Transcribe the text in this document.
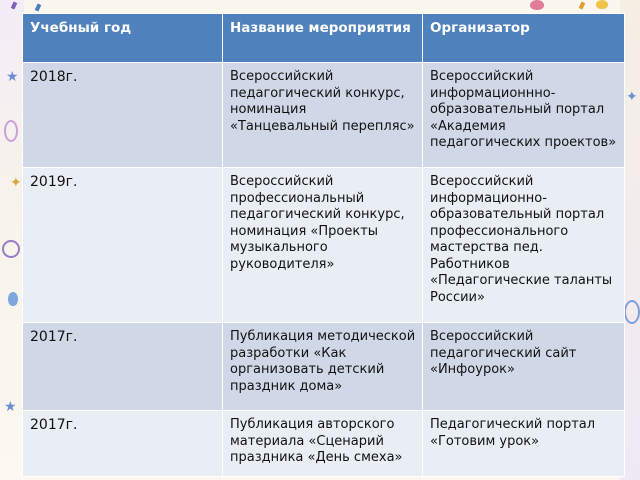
★
✦
★
✦
Учебный год	Название мероприятия	Организатор
2018г.	Всероссийский педагогический конкурс, номинация «Танцевальный перепляс»	Всероссийский информационнно-образовательный портал «Академия педагогических проектов»
2019г.	Всероссийский профессиональный педагогический конкурс, номинация «Проекты музыкального руководителя»	Всероссийский информационно-образовательный портал профессионального мастерства пед. Работников «Педагогические таланты России»
2017г.	Публикация методической разработки «Как организовать детский праздник дома»	Всероссийский педагогический сайт «Инфоурок»
2017г.	Публикация авторского материала «Сценарий праздника «День смеха»	Педагогический портал «Готовим урок»
